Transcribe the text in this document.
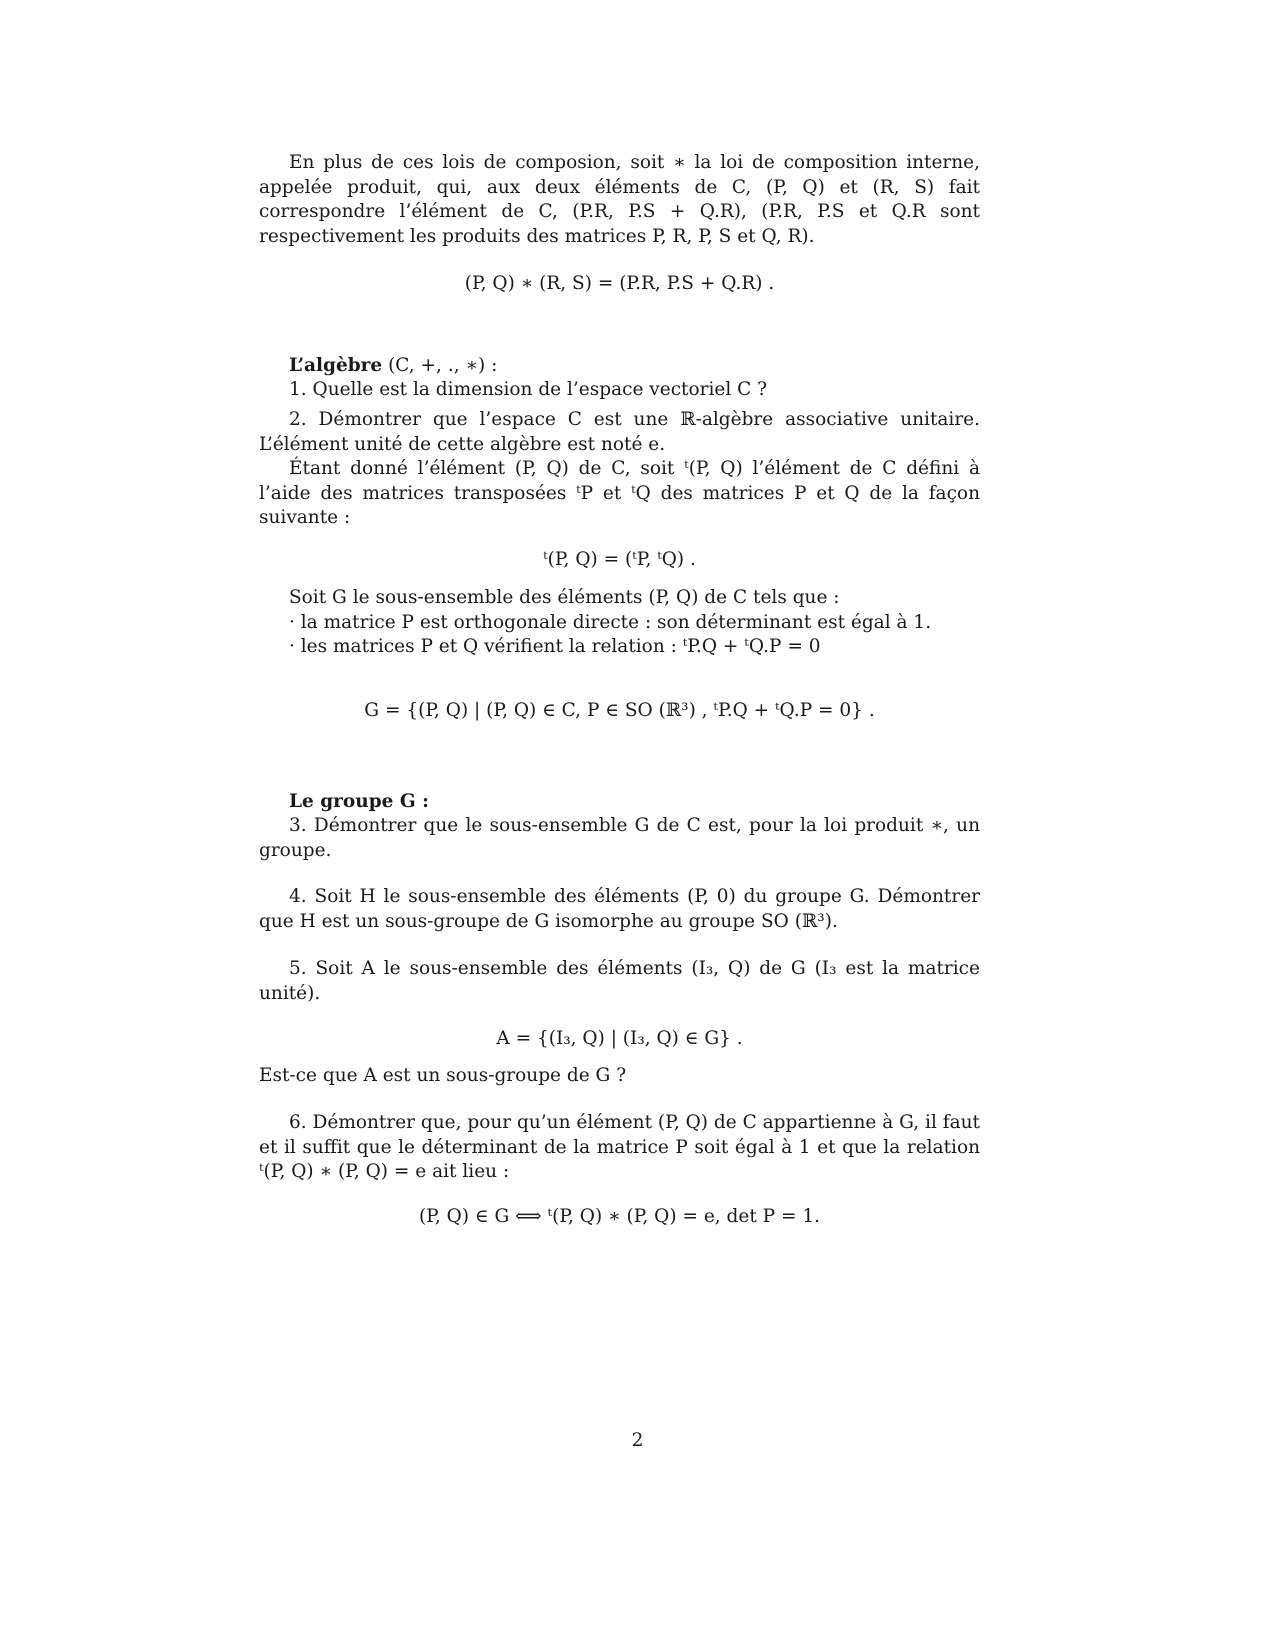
En plus de ces lois de composion, soit ∗ la loi de composition interne, appelée produit, qui, aux deux éléments de C, (P, Q) et (R, S) fait correspondre l’élément de C, (P.R, P.S + Q.R), (P.R, P.S et Q.R sont respectivement les produits des matrices P, R, P, S et Q, R).

(P, Q) ∗ (R, S) = (P.R, P.S + Q.R) .
L’algèbre (C, +, ., ∗) :
1. Quelle est la dimension de l’espace vectoriel C ?

2. Démontrer que l’espace C est une ℝ-algèbre associative unitaire. L’élément unité de cette algèbre est noté e.

Étant donné l’élément (P, Q) de C, soit ᵗ(P, Q) l’élément de C défini à l’aide des matrices transposées ᵗP et ᵗQ des matrices P et Q de la façon suivante :

ᵗ(P, Q) = (ᵗP, ᵗQ) .
Soit G le sous-ensemble des éléments (P, Q) de C tels que :
· la matrice P est orthogonale directe : son déterminant est égal à 1.
· les matrices P et Q vérifient la relation : ᵗP.Q + ᵗQ.P = 0
G = {(P, Q) | (P, Q) ∈ C, P ∈ SO (ℝ³) , ᵗP.Q + ᵗQ.P = 0} .
Le groupe G :

3. Démontrer que le sous-ensemble G de C est, pour la loi produit ∗, un groupe.

4. Soit H le sous-ensemble des éléments (P, 0) du groupe G. Démontrer que H est un sous-groupe de G isomorphe au groupe SO (ℝ³).

5. Soit A le sous-ensemble des éléments (I₃, Q) de G (I₃ est la matrice unité).

A = {(I₃, Q) | (I₃, Q) ∈ G} .
Est-ce que A est un sous-groupe de G ?

6. Démontrer que, pour qu’un élément (P, Q) de C appartienne à G, il faut et il suffit que le déterminant de la matrice P soit égal à 1 et que la relation ᵗ(P, Q) ∗ (P, Q) = e ait lieu :

(P, Q) ∈ G ⟺ ᵗ(P, Q) ∗ (P, Q) = e, det P = 1.
2
